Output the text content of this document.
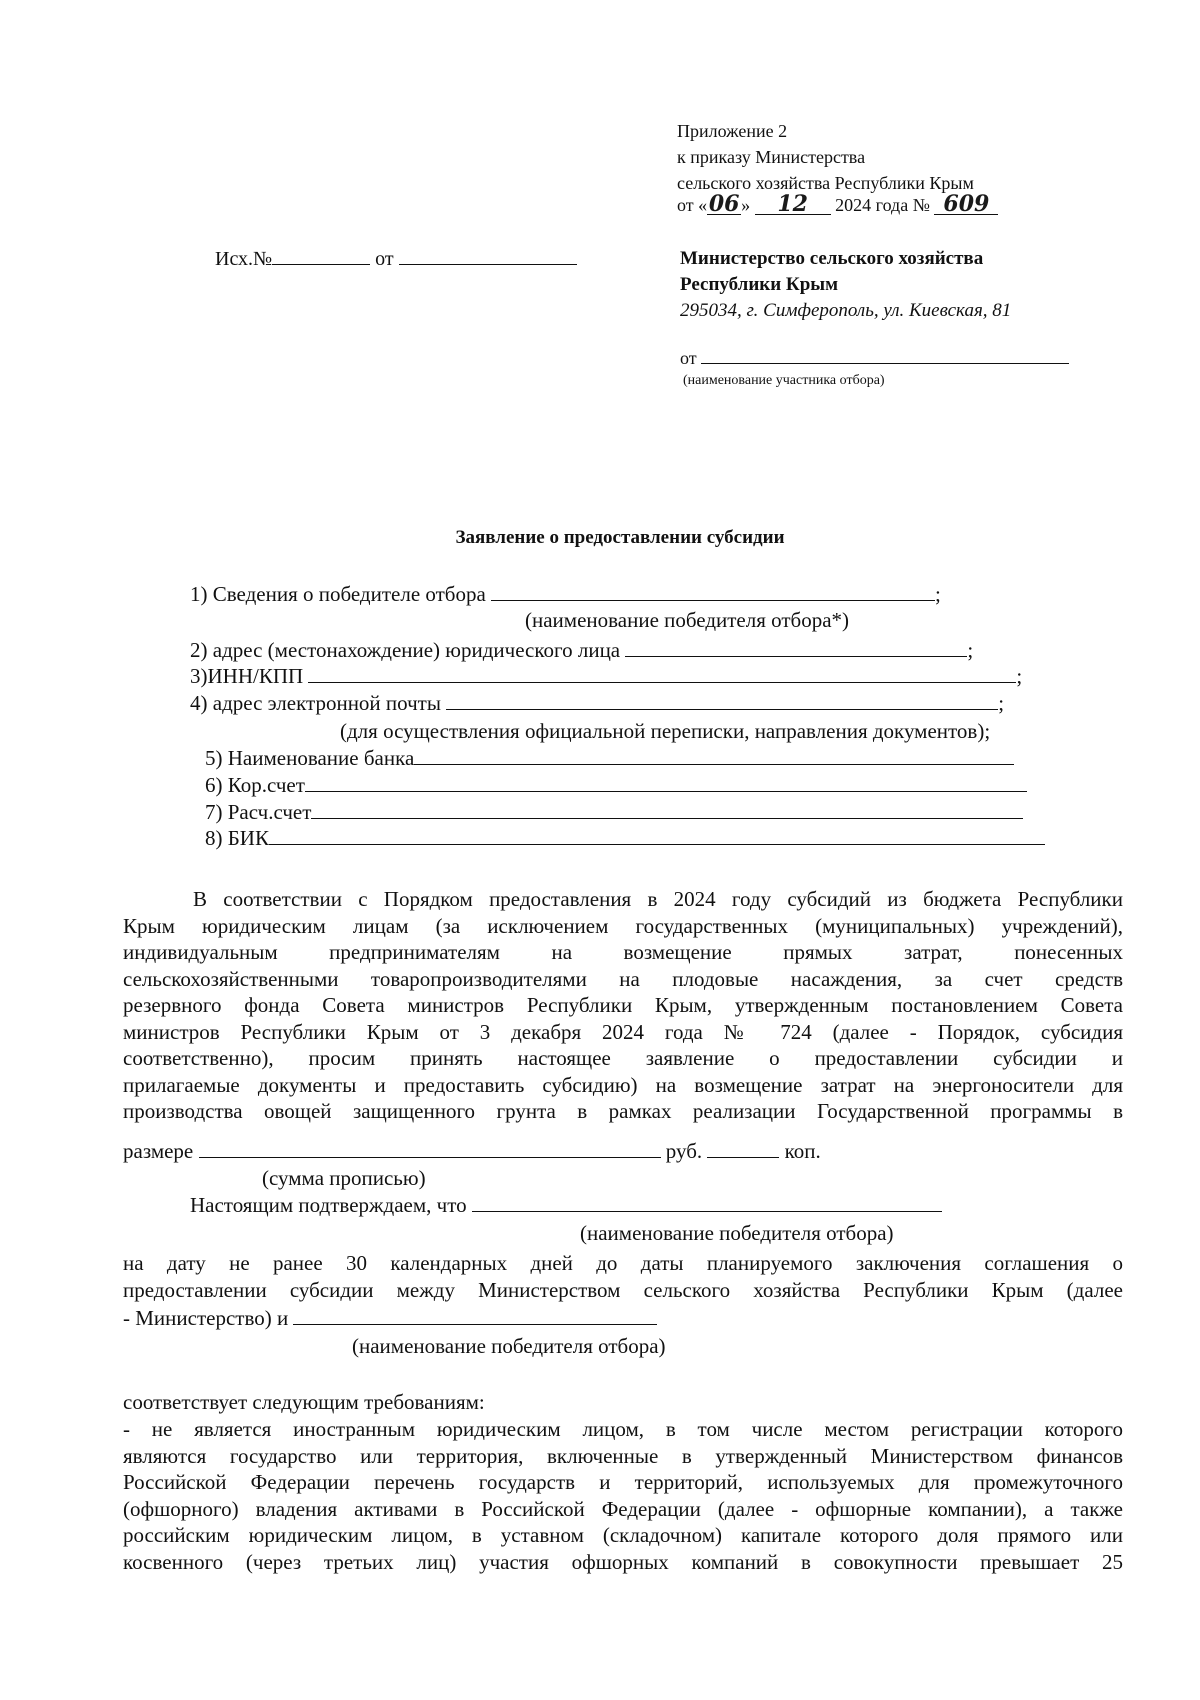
Приложение 2
к приказу Министерства
сельского хозяйства Республики Крым
от «06» 12 2024 года № 609
Исх.№	от	Министерство сельского хозяйства
Республики Крым
295034, г. Симферополь, ул. Киевская, 81
от
(наименование участника отбора)
Заявление о предоставлении субсидии
1) Сведения о победителе отбора	;
(наименование победителя отбора*)
2) адрес (местонахождение) юридического лица	;
3)ИНН/КПП	;
4) адрес электронной почты	;
(для осуществления официальной переписки, направления документов);
5) Наименование банка
6) Кор.счет
7) Расч.счет
8) БИК
В соответствии с Порядком предоставления в 2024 году субсидий из бюджета Республики
Крым юридическим лицам (за исключением государственных (муниципальных) учреждений),
индивидуальным предпринимателям на возмещение прямых затрат, понесенных
сельскохозяйственными товаропроизводителями на плодовые насаждения, за счет средств
резервного фонда Совета министров Республики Крым, утвержденным постановлением Совета
министров Республики Крым от 3 декабря 2024 года № 724 (далее - Порядок, субсидия
соответственно), просим принять настоящее заявление о предоставлении субсидии и
прилагаемые документы и предоставить субсидию) на возмещение затрат на энергоносители для
производства овощей защищенного грунта в рамках реализации Государственной программы в
размере	руб.	коп.
(сумма прописью)
Настоящим подтверждаем, что
(наименование победителя отбора)
на дату не ранее 30 календарных дней до даты планируемого заключения соглашения о
предоставлении субсидии между Министерством сельского хозяйства Республики Крым (далее
- Министерство) и
(наименование победителя отбора)
соответствует следующим требованиям:
- не является иностранным юридическим лицом, в том числе местом регистрации которого
являются государство или территория, включенные в утвержденный Министерством финансов
Российской Федерации перечень государств и территорий, используемых для промежуточного
(офшорного) владения активами в Российской Федерации (далее - офшорные компании), а также
российским юридическим лицом, в уставном (складочном) капитале которого доля прямого или
косвенного (через третьих лиц) участия офшорных компаний в совокупности превышает 25
